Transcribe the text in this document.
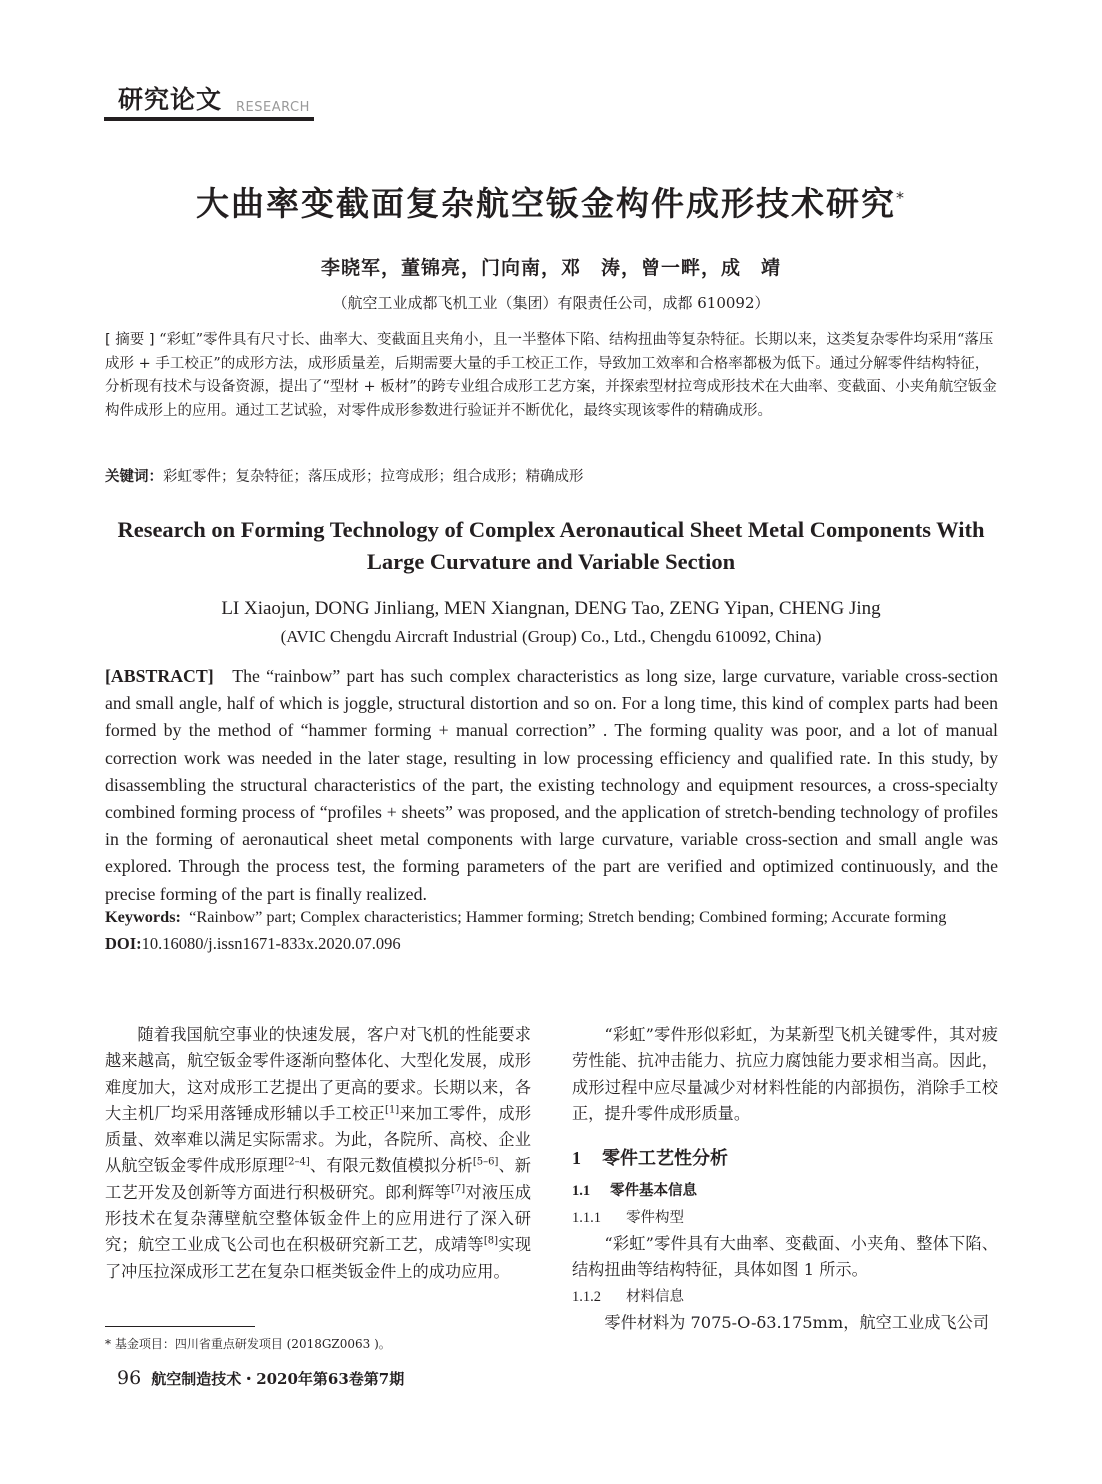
研究论文 RESEARCH
大曲率变截面复杂航空钣金构件成形技术研究*
李晓军，董锦亮，门向南，邓　涛，曾一畔，成　靖
（航空工业成都飞机工业（集团）有限责任公司，成都 610092）
[ 摘要 ] “彩虹”零件具有尺寸长、曲率大、变截面且夹角小，且一半整体下陷、结构扭曲等复杂特征。长期以来，这类复杂零件均采用“落压成形 + 手工校正”的成形方法，成形质量差，后期需要大量的手工校正工作，导致加工效率和合格率都极为低下。通过分解零件结构特征，分析现有技术与设备资源，提出了“型材 + 板材”的跨专业组合成形工艺方案，并探索型材拉弯成形技术在大曲率、变截面、小夹角航空钣金构件成形上的应用。通过工艺试验，对零件成形参数进行验证并不断优化，最终实现该零件的精确成形。
关键词：彩虹零件；复杂特征；落压成形；拉弯成形；组合成形；精确成形
Research on Forming Technology of Complex Aeronautical Sheet Metal Components With Large Curvature and Variable Section
LI Xiaojun, DONG Jinliang, MEN Xiangnan, DENG Tao, ZENG Yipan, CHENG Jing
(AVIC Chengdu Aircraft Industrial (Group) Co., Ltd., Chengdu 610092, China)
[ABSTRACT] The “rainbow” part has such complex characteristics as long size, large curvature, variable cross-section and small angle, half of which is joggle, structural distortion and so on. For a long time, this kind of complex parts had been formed by the method of “hammer forming + manual correction” . The forming quality was poor, and a lot of manual correction work was needed in the later stage, resulting in low processing efficiency and qualified rate. In this study, by disassembling the structural characteristics of the part, the existing technology and equipment resources, a cross-specialty combined forming process of “profiles + sheets” was proposed, and the application of stretch-bending technology of profiles in the forming of aeronautical sheet metal components with large curvature, variable cross-section and small angle was explored. Through the process test, the forming parameters of the part are verified and optimized continuously, and the precise forming of the part is finally realized.
Keywords: “Rainbow” part; Complex characteristics; Hammer forming; Stretch bending; Combined forming; Accurate forming
DOI:10.16080/j.issn1671-833x.2020.07.096

随着我国航空事业的快速发展，客户对飞机的性能要求越来越高，航空钣金零件逐渐向整体化、大型化发展，成形难度加大，这对成形工艺提出了更高的要求。长期以来，各大主机厂均采用落锤成形辅以手工校正[1]来加工零件，成形质量、效率难以满足实际需求。为此，各院所、高校、企业从航空钣金零件成形原理[2–4]、有限元数值模拟分析[5–6]、新工艺开发及创新等方面进行积极研究。郎利辉等[7]对液压成形技术在复杂薄壁航空整体钣金件上的应用进行了深入研究；航空工业成飞公司也在积极研究新工艺，成靖等[8]实现了冲压拉深成形工艺在复杂口框类钣金件上的成功应用。

“彩虹”零件形似彩虹，为某新型飞机关键零件，其对疲劳性能、抗冲击能力、抗应力腐蚀能力要求相当高。因此，成形过程中应尽量减少对材料性能的内部损伤，消除手工校正，提升零件成形质量。

1 零件工艺性分析
1.1 零件基本信息
1.1.1 零件构型

“彩虹”零件具有大曲率、变截面、小夹角、整体下陷、结构扭曲等结构特征，具体如图 1 所示。

1.1.2 材料信息

零件材料为 7075-O-δ3.175mm，航空工业成飞公司

* 基金项目：四川省重点研发项目 (2018GZ0063 )。
96 航空制造技术・2020年第63卷第7期
